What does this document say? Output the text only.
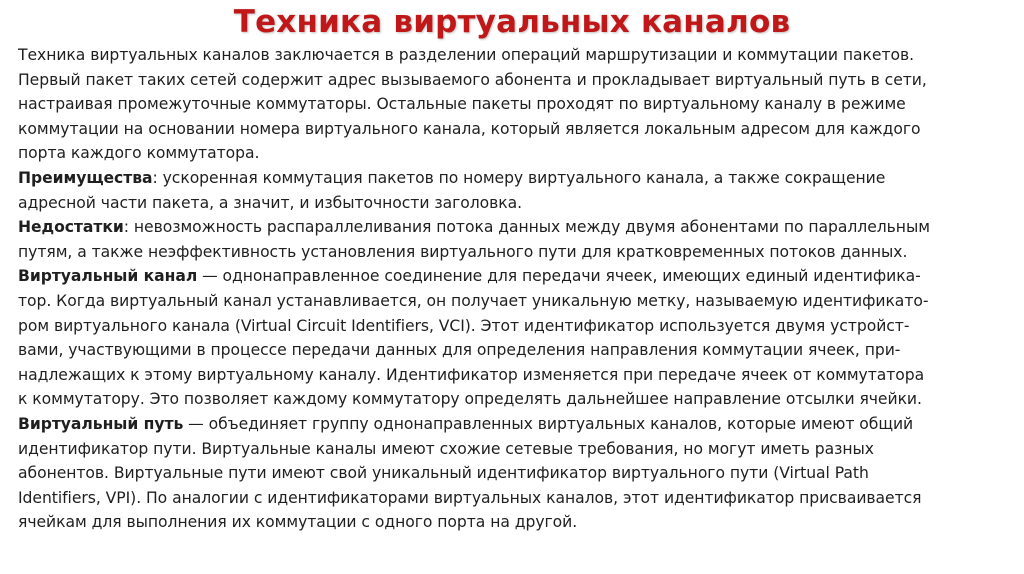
Техника виртуальных каналов
Техника виртуальных каналов заключается в разделении операций маршрутизации и коммутации пакетов.
Первый пакет таких сетей содержит адрес вызываемого абонента и прокладывает виртуальный путь в сети,
настраивая промежуточные коммутаторы. Остальные пакеты проходят по виртуальному каналу в режиме
коммутации на основании номера виртуального канала, который является локальным адресом для каждого
порта каждого коммутатора.
Преимущества: ускоренная коммутация пакетов по номеру виртуального канала, а также сокращение
адресной части пакета, а значит, и избыточности заголовка.
Недостатки: невозможность распараллеливания потока данных между двумя абонентами по параллельным
путям, а также неэффективность установления виртуального пути для кратковременных потоков данных.
Виртуальный канал — однонаправленное соединение для передачи ячеек, имеющих единый идентифика-
тор. Когда виртуальный канал устанавливается, он получает уникальную метку, называемую идентификато-
ром виртуального канала (Virtual Circuit Identifiers, VCI). Этот идентификатор используется двумя устройст-
вами, участвующими в процессе передачи данных для определения направления коммутации ячеек, при-
надлежащих к этому виртуальному каналу. Идентификатор изменяется при передаче ячеек от коммутатора
к коммутатору. Это позволяет каждому коммутатору определять дальнейшее направление отсылки ячейки.
Виртуальный путь — объединяет группу однонаправленных виртуальных каналов, которые имеют общий
идентификатор пути. Виртуальные каналы имеют схожие сетевые требования, но могут иметь разных
абонентов. Виртуальные пути имеют свой уникальный идентификатор виртуального пути (Virtual Path
Identifiers, VPI). По аналогии с идентификаторами виртуальных каналов, этот идентификатор присваивается
ячейкам для выполнения их коммутации с одного порта на другой.
